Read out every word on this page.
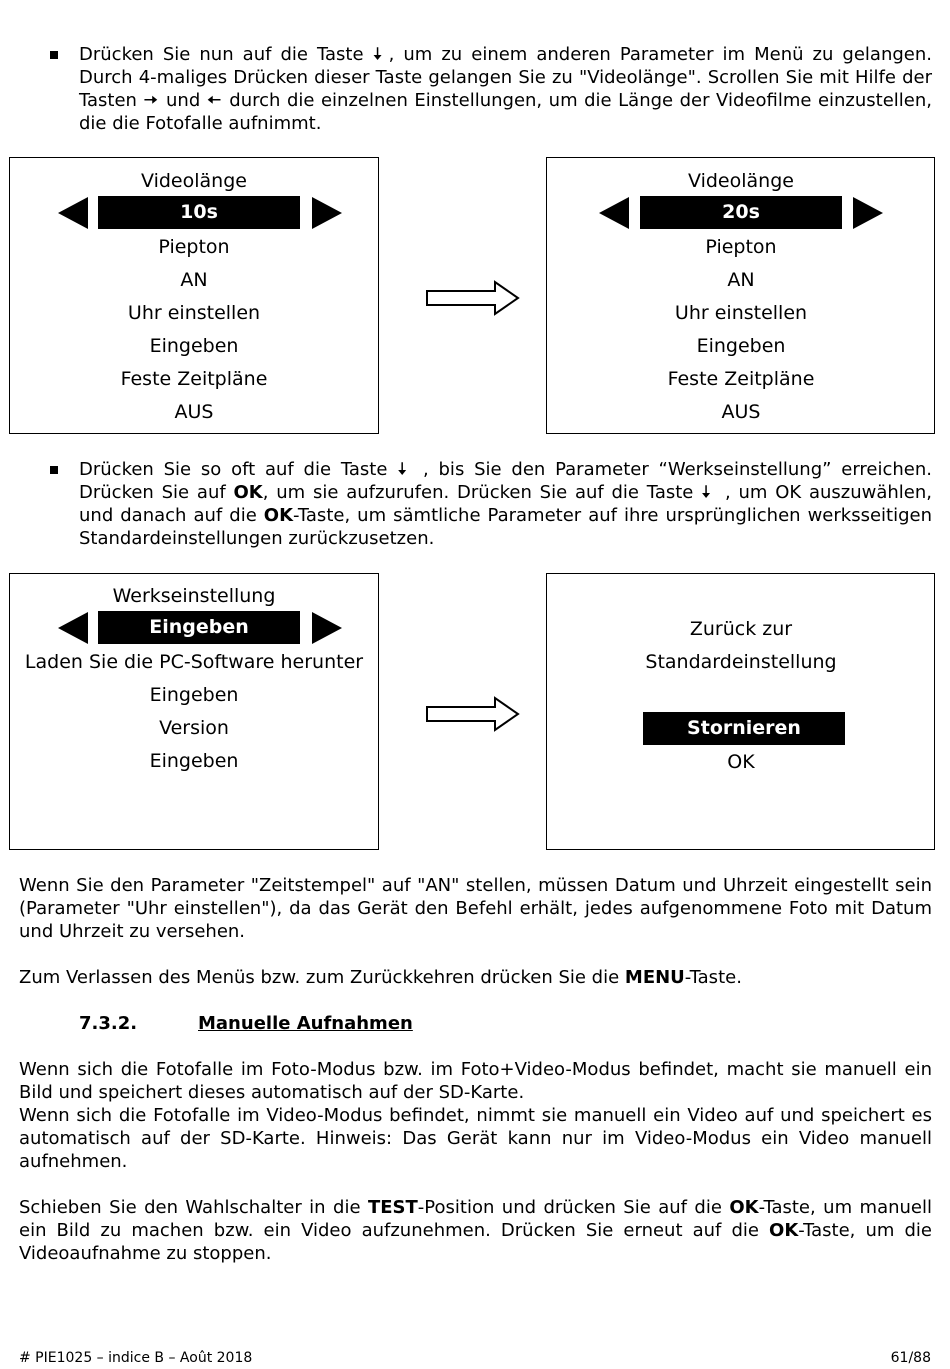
Drücken Sie nun auf die Taste 🠇 , um zu einem anderen Parameter im Menü zu gelangen. Durch 4-maliges Drücken dieser Taste gelangen Sie zu "Videolänge". Scrollen Sie mit Hilfe der Tasten 🠆 und 🠄 durch die einzelnen Einstellungen, um die Länge der Videofilme einzustellen, die die Fotofalle aufnimmt.

Videolänge
10s
Piepton
AN
Uhr einstellen
Eingeben
Feste Zeitpläne
AUS
Videolänge
20s
Piepton
AN
Uhr einstellen
Eingeben
Feste Zeitpläne
AUS

Drücken Sie so oft auf die Taste 🠇 , bis Sie den Parameter “Werkseinstellung” erreichen. Drücken Sie auf OK, um sie aufzurufen. Drücken Sie auf die Taste 🠇 , um OK auszuwählen, und danach auf die OK-Taste, um sämtliche Parameter auf ihre ursprünglichen werksseitigen Standardeinstellungen zurückzusetzen.

Werkseinstellung
Eingeben
Laden Sie die PC-Software herunter
Eingeben
Version
Eingeben
Zurück zur
Standardeinstellung
Stornieren
OK

Wenn Sie den Parameter "Zeitstempel" auf "AN" stellen, müssen Datum und Uhrzeit eingestellt sein (Parameter "Uhr einstellen"), da das Gerät den Befehl erhält, jedes aufgenommene Foto mit Datum und Uhrzeit zu versehen.

Zum Verlassen des Menüs bzw. zum Zurückkehren drücken Sie die MENU-Taste.

7.3.2.	Manuelle Aufnahmen

Wenn sich die Fotofalle im Foto-Modus bzw. im Foto+Video-Modus befindet, macht sie manuell ein Bild und speichert dieses automatisch auf der SD-Karte.

Wenn sich die Fotofalle im Video-Modus befindet, nimmt sie manuell ein Video auf und speichert es automatisch auf der SD-Karte. Hinweis: Das Gerät kann nur im Video-Modus ein Video manuell aufnehmen.

Schieben Sie den Wahlschalter in die TEST-Position und drücken Sie auf die OK-Taste, um manuell ein Bild zu machen bzw. ein Video aufzunehmen. Drücken Sie erneut auf die OK-Taste, um die Videoaufnahme zu stoppen.

# PIE1025 – indice B – Août 2018	61/88
